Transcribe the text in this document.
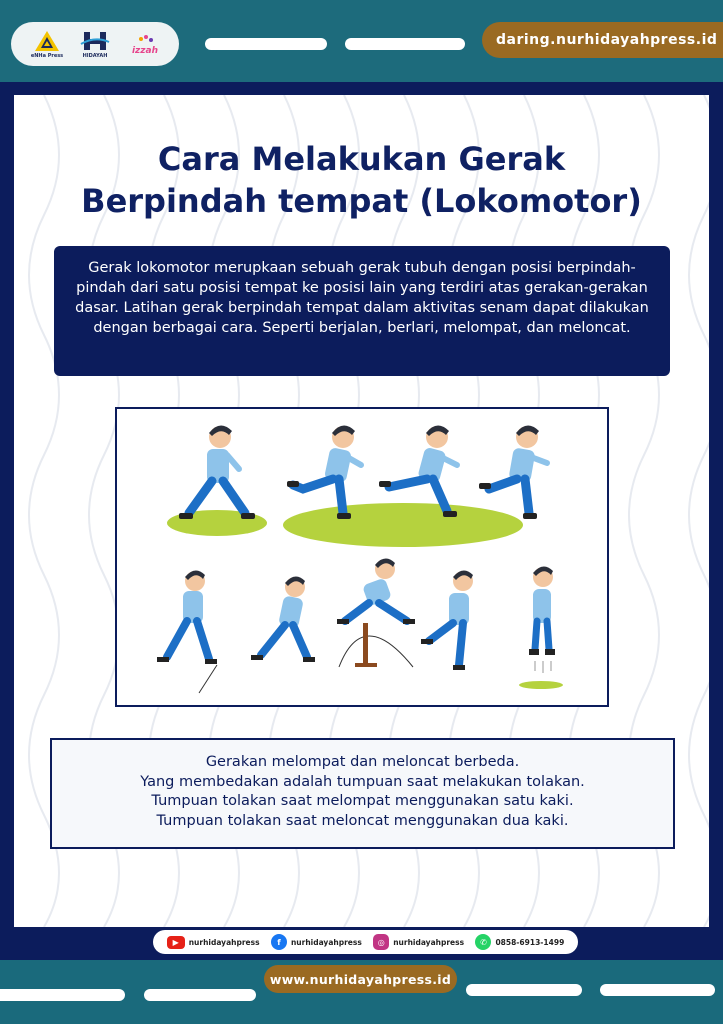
eNHa Press	HIDAYAH	izzah
daring.nurhidayahpress.id
Cara Melakukan Gerak
Berpindah tempat (Lokomotor)
Gerak lokomotor merupkaan sebuah gerak tubuh dengan posisi berpindah-pindah dari satu posisi tempat ke posisi lain yang terdiri atas gerakan-gerakan dasar. Latihan gerak berpindah tempat dalam aktivitas senam dapat dilakukan dengan berbagai cara. Seperti berjalan, berlari, melompat, dan meloncat.
Gerakan melompat dan meloncat berbeda.
Yang membedakan adalah tumpuan saat melakukan tolakan.
Tumpuan tolakan saat melompat menggunakan satu kaki.
Tumpuan tolakan saat meloncat menggunakan dua kaki.
▶	nurhidayahpress	f	nurhidayahpress	◎	nurhidayahpress	✆	0858-6913-1499
www.nurhidayahpress.id
